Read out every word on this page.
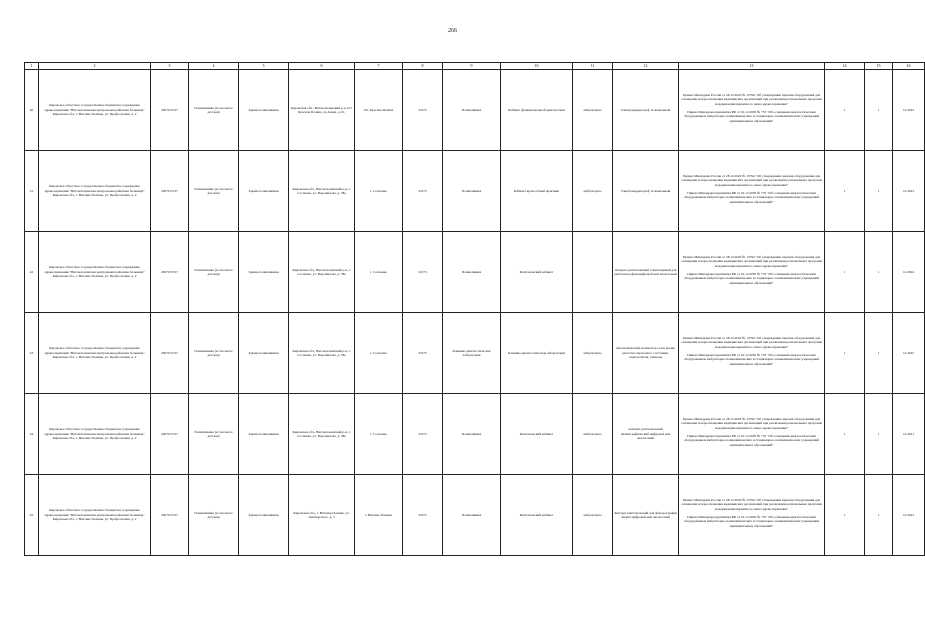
266
1	2	3	4	5	6	7	8	9	10	11	12	13	14	15	16
40	Кировское областное государственное бюджетное учреждение здравоохранения "Вятскополянская центральная районная больница" Кировская обл., г. Вятские Поляны, ул. Профсоюзная, д. 2	4307015727	Поликлиника (в том числе детская)	Здание поликлиники	Кировская обл., Вятскополянский р-н, пгт Красная Поляна, ул.Азина, д.19,	пгт. Красная Поляна	31073	Поликлиника	Кабинет функциональной диагностики	амбулаторно	Электрокардиограф 12-канальный	Приказ Минздрава России от 28.12.2020 № 1379н "Об утверждении перечня оборудования для оснащения и переоснащения медицинских организаций при реализации региональных программ модернизации первичного звена здравоохранения"

Приказ Минздравсоцразвития РФ от 01.12.2005 № 753 "Об оснащении диагностическим оборудованием амбулаторно-поликлинических и стационарно-поликлинических учреждений муниципальных образований"	1	1	12.2023
41	Кировское областное государственное бюджетное учреждение здравоохранения "Вятскополянская центральная районная больница" Кировская обл., г. Вятские Поляны, ул. Профсоюзная, д. 2	4307015727	Поликлиника (в том числе детская)	Здание поликлиники	Кировская обл., Вятскополянский р-н, г. Сосновка, ул. Ворошилова, д. 38а	г. Сосновка	31073	Поликлиника	Кабинет врача общей практики	амбулаторно	Электрокардиограф 12-канальный	Приказ Минздрава России от 28.12.2020 № 1379н "Об утверждении перечня оборудования для оснащения и переоснащения медицинских организаций при реализации региональных программ модернизации первичного звена здравоохранения"

Приказ Минздравсоцразвития РФ от 01.12.2005 № 753 "Об оснащении диагностическим оборудованием амбулаторно-поликлинических и стационарно-поликлинических учреждений муниципальных образований"	1	1	12.2023
42	Кировское областное государственное бюджетное учреждение здравоохранения "Вятскополянская центральная районная больница" Кировская обл., г. Вятские Поляны, ул. Профсоюзная, д. 2	4307015727	Поликлиника (в том числе детская)	Здание поликлиники	Кировская обл., Вятскополянский р-н, г. Сосновка, ул. Ворошилова, д. 38а	г. Сосновка	31073	Поликлиника	Рентгеновский кабинет		Аппарат рентгеновский стационарный для рентгенографии цифровой или аналоговый	Приказ Минздрава России от 28.12.2020 № 1379н "Об утверждении перечня оборудования для оснащения и переоснащения медицинских организаций при реализации региональных программ модернизации первичного звена здравоохранения"

Приказ Минздравсоцразвития РФ от 01.12.2005 № 753 "Об оснащении диагностическим оборудованием амбулаторно-поликлинических и стационарно-поликлинических учреждений муниципальных образований"	1	1	12.2024
43	Кировское областное государственное бюджетное учреждение здравоохранения "Вятскополянская центральная районная больница" Кировская обл., г. Вятские Поляны, ул. Профсоюзная, д. 2	4307015727	Поликлиника (в том числе детская)	Здание поликлиники	Кировская обл., Вятскополянский р-н, г. Сосновка, ул. Ворошилова, д. 38а	г. Сосновка	31073	Клинико-диагностическая лаборатория	Клинико-диагностическая лаборатория	амбулаторно	Автоматический анализатор газов крови, кислотно-щелочного состояния, электролитов, глюкозы	Приказ Минздрава России от 28.12.2020 № 1379н "Об утверждении перечня оборудования для оснащения и переоснащения медицинских организаций при реализации региональных программ модернизации первичного звена здравоохранения"

Приказ Минздравсоцразвития РФ от 01.12.2005 № 753 "Об оснащении диагностическим оборудованием амбулаторно-поликлинических и стационарно-поликлинических учреждений муниципальных образований"	1	1	12.2022
44	Кировское областное государственное бюджетное учреждение здравоохранения "Вятскополянская центральная районная больница" Кировская обл., г. Вятские Поляны, ул. Профсоюзная, д. 2	4307015727	Поликлиника (в том числе детская)	Здание поликлиники	Кировская обл., Вятскополянский р-н, г. Сосновка, ул. Ворошилова, д. 38а	г. Сосновка	31073	Поликлиника	Рентгеновский кабинет	амбулаторно	Аппарат рентгеновский маммографический цифровой или аналоговый	Приказ Минздрава России от 28.12.2020 № 1379н "Об утверждении перечня оборудования для оснащения и переоснащения медицинских организаций при реализации региональных программ модернизации первичного звена здравоохранения"

Приказ Минздравсоцразвития РФ от 01.12.2005 № 753 "Об оснащении диагностическим оборудованием амбулаторно-поликлинических и стационарно-поликлинических учреждений муниципальных образований"	1	1	12.2021
45	Кировское областное государственное бюджетное учреждение здравоохранения "Вятскополянская центральная районная больница" Кировская обл., г. Вятские Поляны, ул. Профсоюзная, д. 2	4307015727	Поликлиника (в том числе детская)	Здание поликлиники	Кировская обл., г. Вятские Поляны, ул. Луначарского, д. 3	г. Вятские Поляны	31073	Поликлиника	Рентгеновский кабинет	амбулаторно	Аппарат рентгеновский для флюорографии легких цифровой или аналоговый	Приказ Минздрава России от 28.12.2020 № 1379н "Об утверждении перечня оборудования для оснащения и переоснащения медицинских организаций при реализации региональных программ модернизации первичного звена здравоохранения"

Приказ Минздравсоцразвития РФ от 01.12.2005 № 753 "Об оснащении диагностическим оборудованием амбулаторно-поликлинических и стационарно-поликлинических учреждений муниципальных образований"	1	1	12.2023
